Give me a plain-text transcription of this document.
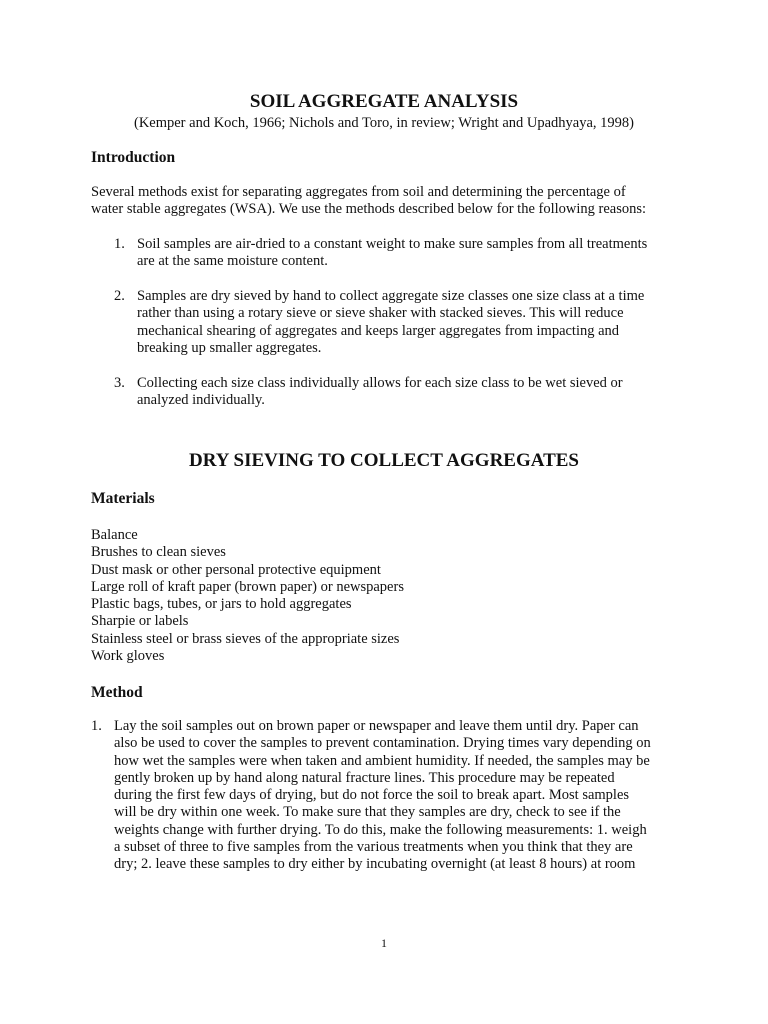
SOIL AGGREGATE ANALYSIS
(Kemper and Koch, 1966; Nichols and Toro, in review; Wright and Upadhyaya, 1998)
Introduction
Several methods exist for separating aggregates from soil and determining the percentage of
water stable aggregates (WSA). We use the methods described below for the following reasons:
1. Soil samples are air-dried to a constant weight to make sure samples from all treatments
are at the same moisture content.
2. Samples are dry sieved by hand to collect aggregate size classes one size class at a time
rather than using a rotary sieve or sieve shaker with stacked sieves. This will reduce
mechanical shearing of aggregates and keeps larger aggregates from impacting and
breaking up smaller aggregates.
3. Collecting each size class individually allows for each size class to be wet sieved or
analyzed individually.
DRY SIEVING TO COLLECT AGGREGATES
Materials
Balance
Brushes to clean sieves
Dust mask or other personal protective equipment
Large roll of kraft paper (brown paper) or newspapers
Plastic bags, tubes, or jars to hold aggregates
Sharpie or labels
Stainless steel or brass sieves of the appropriate sizes
Work gloves
Method
1. Lay the soil samples out on brown paper or newspaper and leave them until dry. Paper can
also be used to cover the samples to prevent contamination. Drying times vary depending on
how wet the samples were when taken and ambient humidity. If needed, the samples may be
gently broken up by hand along natural fracture lines. This procedure may be repeated
during the first few days of drying, but do not force the soil to break apart. Most samples
will be dry within one week. To make sure that they samples are dry, check to see if the
weights change with further drying. To do this, make the following measurements: 1. weigh
a subset of three to five samples from the various treatments when you think that they are
dry; 2. leave these samples to dry either by incubating overnight (at least 8 hours) at room
1
